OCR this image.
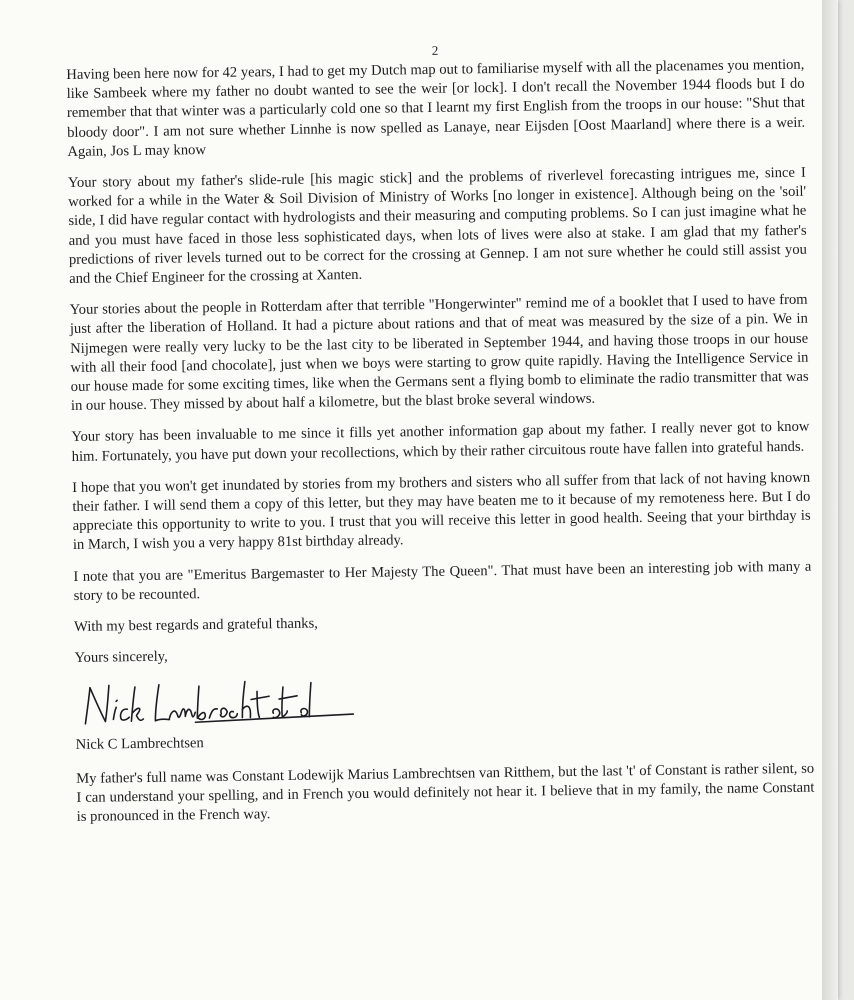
2

Having been here now for 42 years, I had to get my Dutch map out to familiarise myself with all the placenames you mention, like Sambeek where my father no doubt wanted to see the weir [or lock]. I don't recall the November 1944 floods but I do remember that that winter was a particularly cold one so that I learnt my first English from the troops in our house: "Shut that bloody door". I am not sure whether Linnhe is now spelled as Lanaye, near Eijsden [Oost Maarland] where there is a weir. Again, Jos L may know

Your story about my father's slide-rule [his magic stick] and the problems of riverlevel forecasting intrigues me, since I worked for a while in the Water & Soil Division of Ministry of Works [no longer in existence]. Although being on the 'soil' side, I did have regular contact with hydrologists and their measuring and computing problems. So I can just imagine what he and you must have faced in those less sophisticated days, when lots of lives were also at stake. I am glad that my father's predictions of river levels turned out to be correct for the crossing at Gennep. I am not sure whether he could still assist you and the Chief Engineer for the crossing at Xanten.

Your stories about the people in Rotterdam after that terrible "Hongerwinter" remind me of a booklet that I used to have from just after the liberation of Holland. It had a picture about rations and that of meat was measured by the size of a pin. We in Nijmegen were really very lucky to be the last city to be liberated in September 1944, and having those troops in our house with all their food [and chocolate], just when we boys were starting to grow quite rapidly. Having the Intelligence Service in our house made for some exciting times, like when the Germans sent a flying bomb to eliminate the radio transmitter that was in our house. They missed by about half a kilometre, but the blast broke several windows.

Your story has been invaluable to me since it fills yet another information gap about my father. I really never got to know him. Fortunately, you have put down your recollections, which by their rather circuitous route have fallen into grateful hands.

I hope that you won't get inundated by stories from my brothers and sisters who all suffer from that lack of not having known their father. I will send them a copy of this letter, but they may have beaten me to it because of my remoteness here. But I do appreciate this opportunity to write to you. I trust that you will receive this letter in good health. Seeing that your birthday is in March, I wish you a very happy 81st birthday already.

I note that you are "Emeritus Bargemaster to Her Majesty The Queen". That must have been an interesting job with many a story to be recounted.

With my best regards and grateful thanks,

Yours sincerely,

Nick C Lambrechtsen

My father's full name was Constant Lodewijk Marius Lambrechtsen van Ritthem, but the last 't' of Constant is rather silent, so I can understand your spelling, and in French you would definitely not hear it. I believe that in my family, the name Constant is pronounced in the French way.
